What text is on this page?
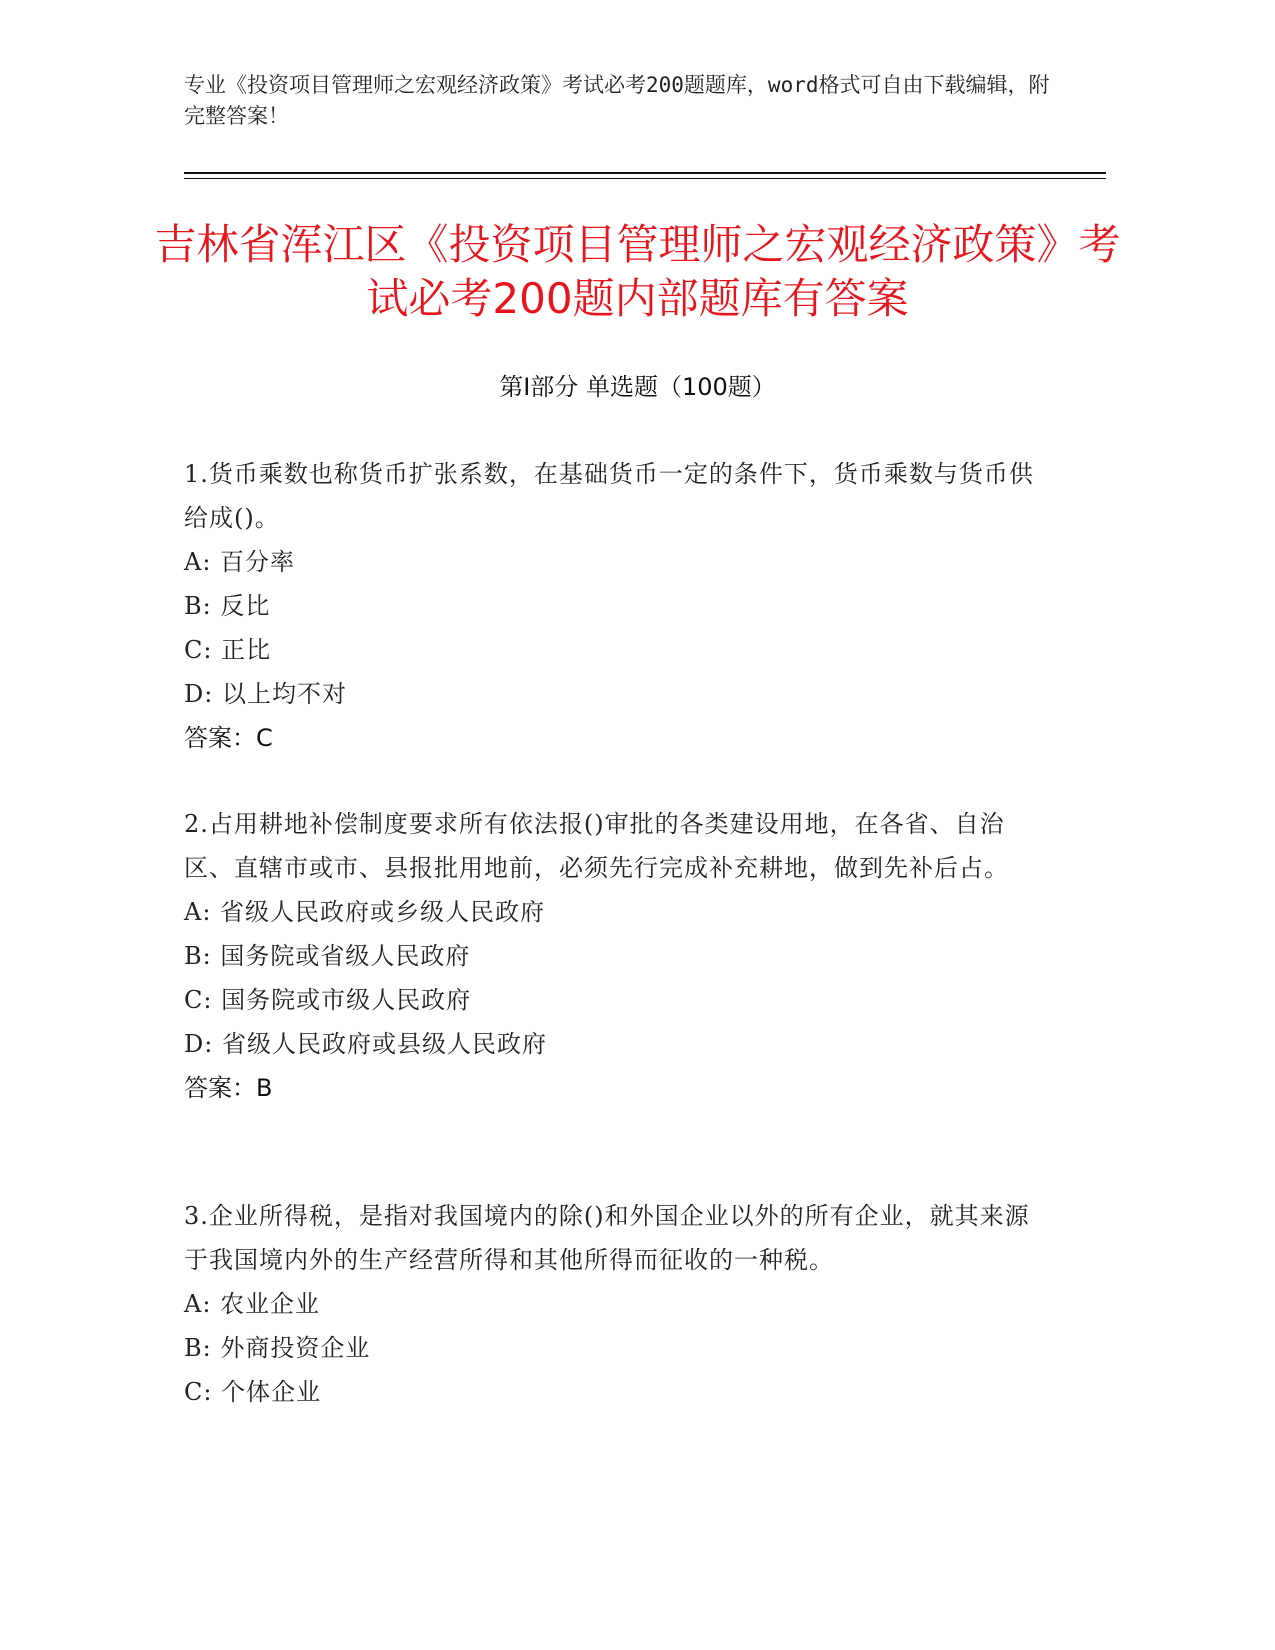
专业《投资项目管理师之宏观经济政策》考试必考200题题库，word格式可自由下载编辑，附完整答案！
吉林省浑江区《投资项目管理师之宏观经济政策》考试必考200题内部题库有答案
第Ⅰ部分 单选题（100题）
1.货币乘数也称货币扩张系数，在基础货币一定的条件下，货币乘数与货币供给成()。
A: 百分率
B: 反比
C: 正比
D: 以上均不对
答案：C
2.占用耕地补偿制度要求所有依法报()审批的各类建设用地，在各省、自治区、直辖市或市、县报批用地前，必须先行完成补充耕地，做到先补后占。
A: 省级人民政府或乡级人民政府
B: 国务院或省级人民政府
C: 国务院或市级人民政府
D: 省级人民政府或县级人民政府
答案：B
3.企业所得税，是指对我国境内的除()和外国企业以外的所有企业，就其来源于我国境内外的生产经营所得和其他所得而征收的一种税。
A: 农业企业
B: 外商投资企业
C: 个体企业
